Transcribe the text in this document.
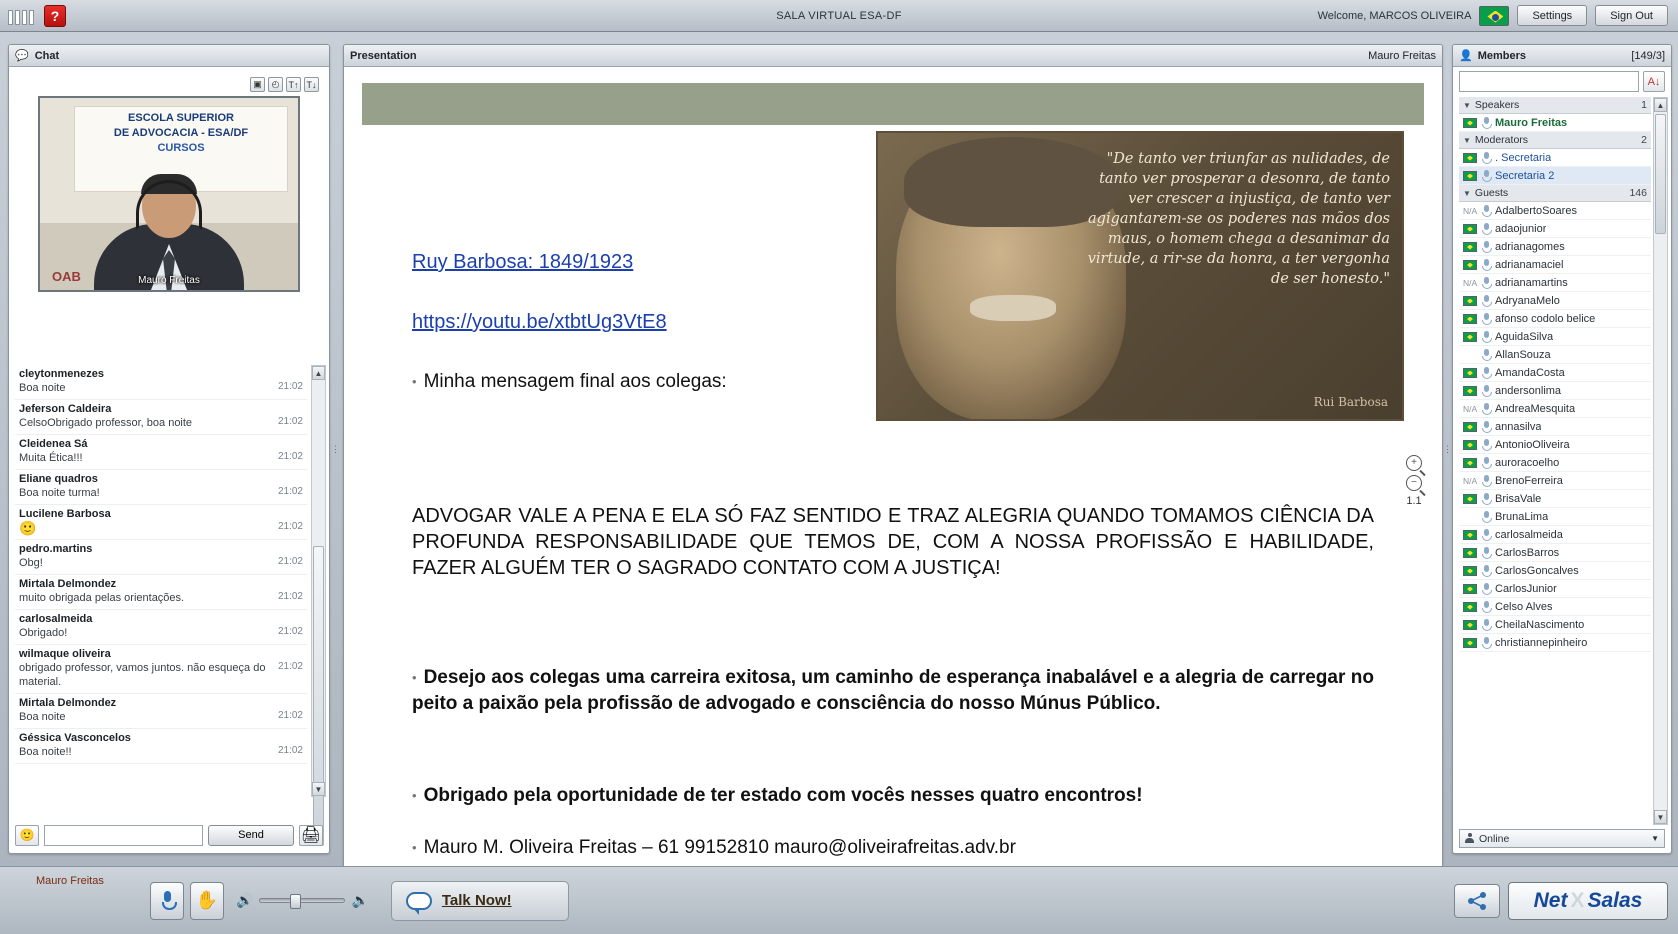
?	SALA VIRTUAL ESA-DF	Welcome, MARCOS OLIVEIRA	Settings	Sign Out
💬 Chat
▣	◴	T↑ T↓
ESCOLA SUPERIOR
DE ADVOCACIA - ESA/DF
CURSOS
OAB	Mauro Freitas
cleytonmenezes
Boa noite	21:02
Jeferson Caldeira
CelsoObrigado professor, boa noite	21:02
Cleidenea Sá
Muita Ética!!!	21:02
Eliane quadros
Boa noite turma!	21:02
Lucilene Barbosa
🙂	21:02
pedro.martins
Obg!	21:02
Mirtala Delmondez
muito obrigada pelas orientações.	21:02
carlosalmeida
Obrigado!	21:02
wilmaque oliveira
obrigado professor, vamos juntos. não esqueça do material.
21:02
Mirtala Delmondez
Boa noite	21:02
Géssica Vasconcelos
Boa noite!!	21:02
▲
▼
🙂	Send	🖨
⋮	⋮
Presentation	Mauro Freitas
Ruy Barbosa: 1849/1923
https://youtu.be/xtbtUg3VtE8
• Minha mensagem final aos colegas:
"De tanto ver triunfar as nulidades, de tanto ver prosperar a desonra, de tanto ver crescer a injustiça, de tanto ver agigantarem-se os poderes nas mãos dos maus, o homem chega a desanimar da virtude, a rir-se da honra, a ter vergonha de ser honesto."
Rui Barbosa
ADVOGAR VALE A PENA E ELA SÓ FAZ SENTIDO E TRAZ ALEGRIA QUANDO TOMAMOS CIÊNCIA DA PROFUNDA RESPONSABILIDADE QUE TEMOS DE, COM A NOSSA PROFISSÃO E HABILIDADE, FAZER ALGUÉM TER O SAGRADO CONTATO COM A JUSTIÇA!
• Desejo aos colegas uma carreira exitosa, um caminho de esperança inabalável e a alegria de carregar no peito a paixão pela profissão de advogado e consciência do nosso Múnus Público.
• Obrigado pela oportunidade de ter estado com vocês nesses quatro encontros!
• Mauro M. Oliveira Freitas – 61 99152810 mauro@oliveirafreitas.adv.br
+
−
1.1
👤 Members	[149/3]
A↓
▼ Speakers	1
Mauro Freitas
▼ Moderators	2
. Secretaria
Secretaria 2
▼ Guests	146
N/A AdalbertoSoares
adaojunior
adrianagomes
adrianamaciel
N/A adrianamartins
AdryanaMelo
afonso codolo belice
AguidaSilva
AllanSouza
AmandaCosta
andersonlima
N/A AndreaMesquita
annasilva
AntonioOliveira
auroracoelho
N/A BrenoFerreira
BrisaVale
BrunaLima
carlosalmeida
CarlosBarros
CarlosGoncalves
CarlosJunior
Celso Alves
CheilaNascimento
christiannepinheiro
▲
▼
Online	▼
Mauro Freitas
✋ 🔊	🔈	Talk Now!	Net X Salas
